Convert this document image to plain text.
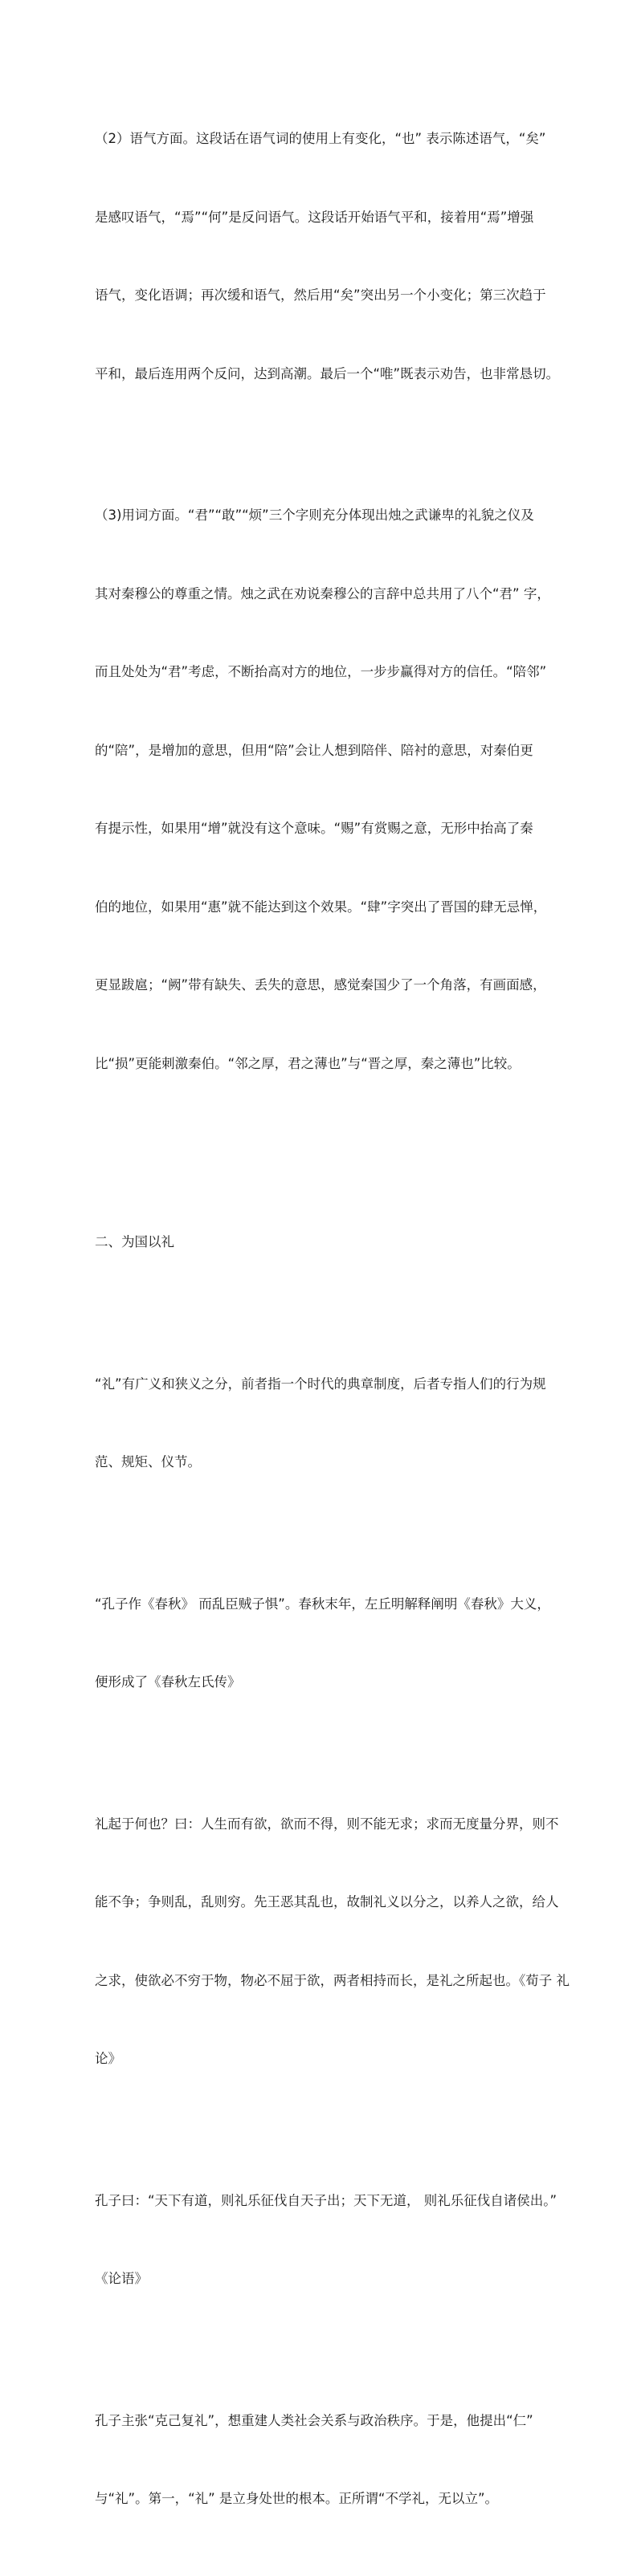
（2）语气方面。这段话在语气词的使用上有变化，“也” 表示陈述语气，“矣”

是感叹语气，“焉”“何”是反问语气。这段话开始语气平和，接着用“焉”增强

语气，变化语调；再次缓和语气，然后用“矣”突出另一个小变化；第三次趋于

平和，最后连用两个反问，达到高潮。最后一个“唯”既表示劝告，也非常恳切。

（3)用词方面。“君”“敢”“烦”三个字则充分体现出烛之武谦卑的礼貌之仪及

其对秦穆公的尊重之情。烛之武在劝说秦穆公的言辞中总共用了八个“君” 字，

而且处处为“君”考虑，不断抬高对方的地位，一步步赢得对方的信任。“陪邻”

的“陪”，是增加的意思，但用“陪”会让人想到陪伴、陪衬的意思，对秦伯更

有提示性，如果用“增”就没有这个意味。“赐”有赏赐之意，无形中抬高了秦

伯的地位，如果用“惠”就不能达到这个效果。“肆”字突出了晋国的肆无忌惮，

更显跋扈；“阙”带有缺失、丢失的意思，感觉秦国少了一个角落，有画面感，

比“损”更能刺激秦伯。“邻之厚，君之薄也”与“晋之厚，秦之薄也”比较。

二、为国以礼

“礼”有广义和狭义之分，前者指一个时代的典章制度，后者专指人们的行为规

范、规矩、仪节。

“孔子作《春秋》 而乱臣贼子惧”。春秋末年，左丘明解释阐明《春秋》大义，

便形成了《春秋左氏传》

礼起于何也？曰：人生而有欲，欲而不得，则不能无求；求而无度量分界，则不

能不争；争则乱，乱则穷。先王恶其乱也，故制礼义以分之，以养人之欲，给人

之求，使欲必不穷于物，物必不屈于欲，两者相持而长，是礼之所起也。《荀子 礼

论》

孔子曰：“天下有道，则礼乐征伐自天子出；天下无道， 则礼乐征伐自诸侯出。”

《论语》

孔子主张“克己复礼”，想重建人类社会关系与政治秩序。于是，他提出“仁”

与“礼”。第一，“礼” 是立身处世的根本。正所谓“不学礼，无以立”。
